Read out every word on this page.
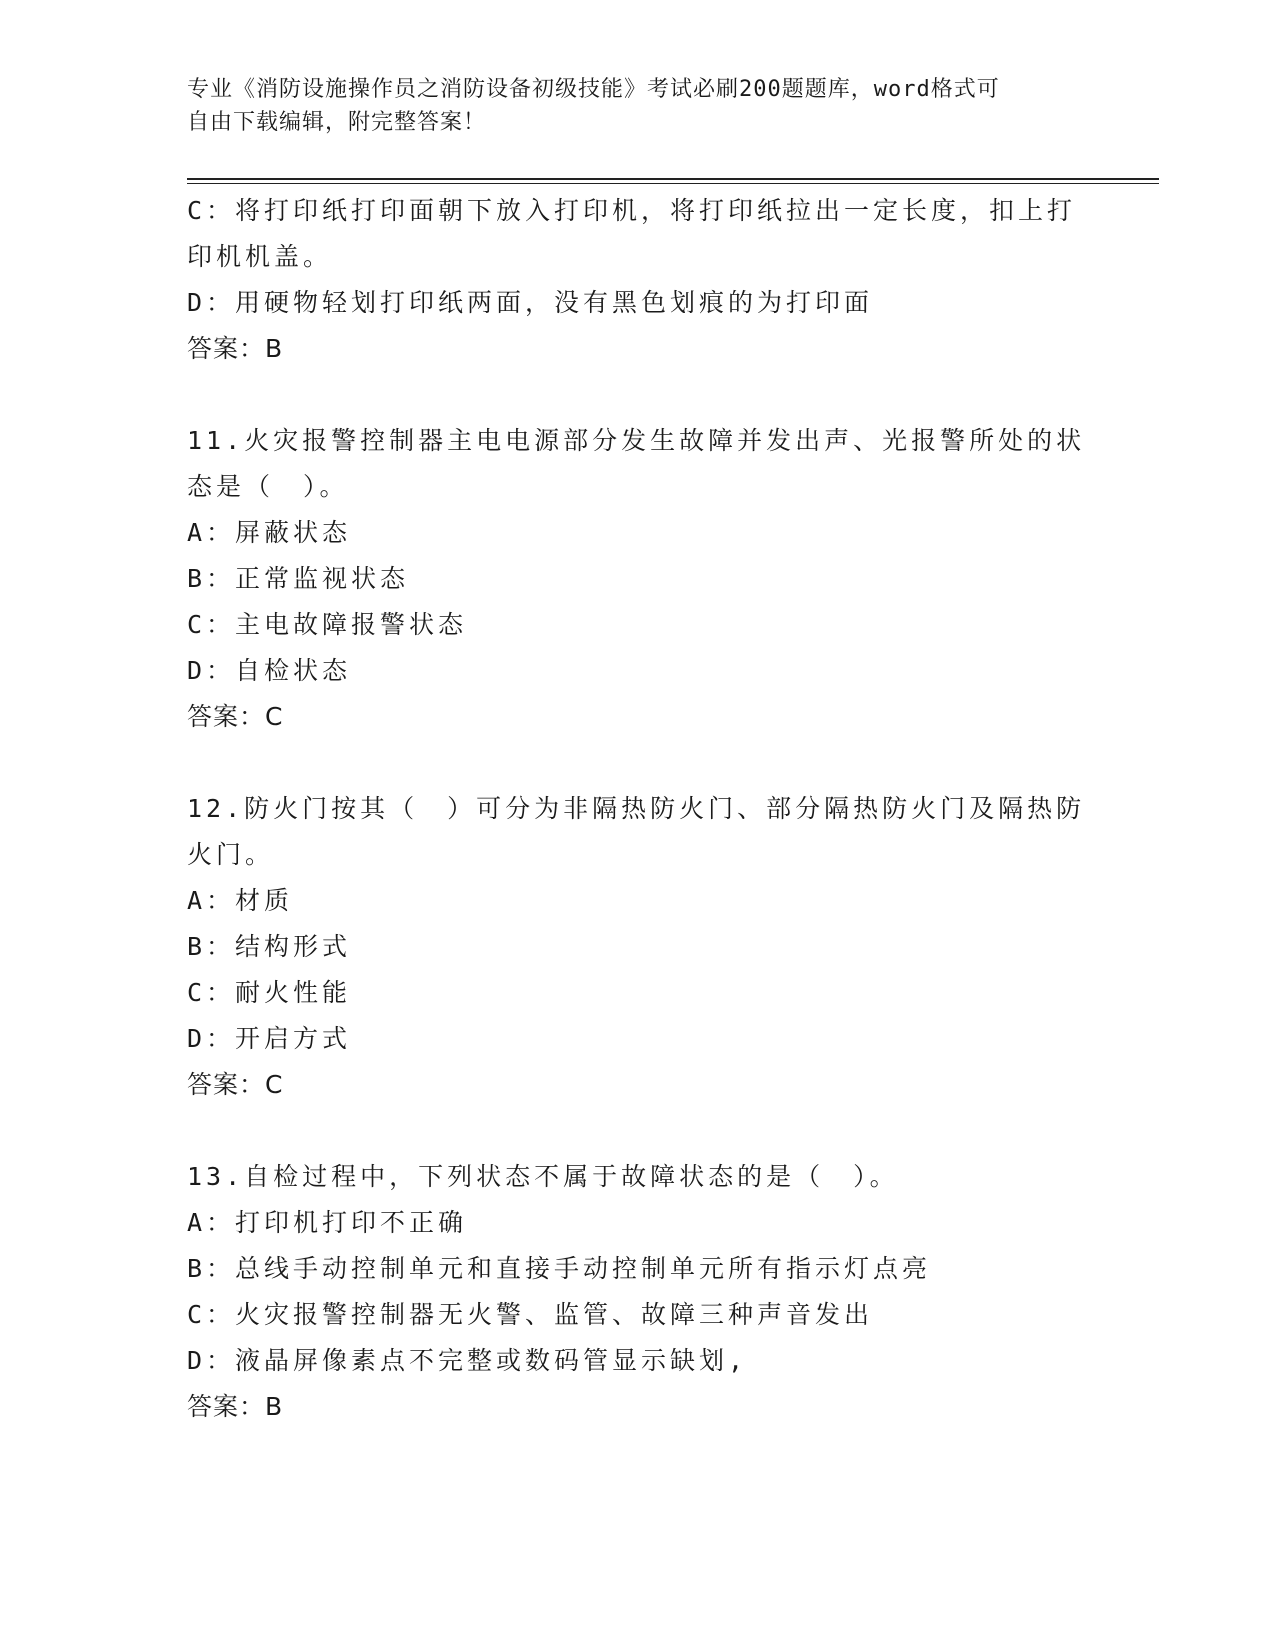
专业《消防设施操作员之消防设备初级技能》考试必刷200题题库，word格式可
自由下载编辑，附完整答案！
C：将打印纸打印面朝下放入打印机，将打印纸拉出一定长度，扣上打
印机机盖。
D：用硬物轻划打印纸两面，没有黑色划痕的为打印面
答案：B
11.火灾报警控制器主电电源部分发生故障并发出声、光报警所处的状
态是（　）。
A：屏蔽状态
B：正常监视状态
C：主电故障报警状态
D：自检状态
答案：C
12.防火门按其（　）可分为非隔热防火门、部分隔热防火门及隔热防
火门。
A：材质
B：结构形式
C：耐火性能
D：开启方式
答案：C
13.自检过程中，下列状态不属于故障状态的是（　）。
A：打印机打印不正确
B：总线手动控制单元和直接手动控制单元所有指示灯点亮
C：火灾报警控制器无火警、监管、故障三种声音发出
D：液晶屏像素点不完整或数码管显示缺划,
答案：B
